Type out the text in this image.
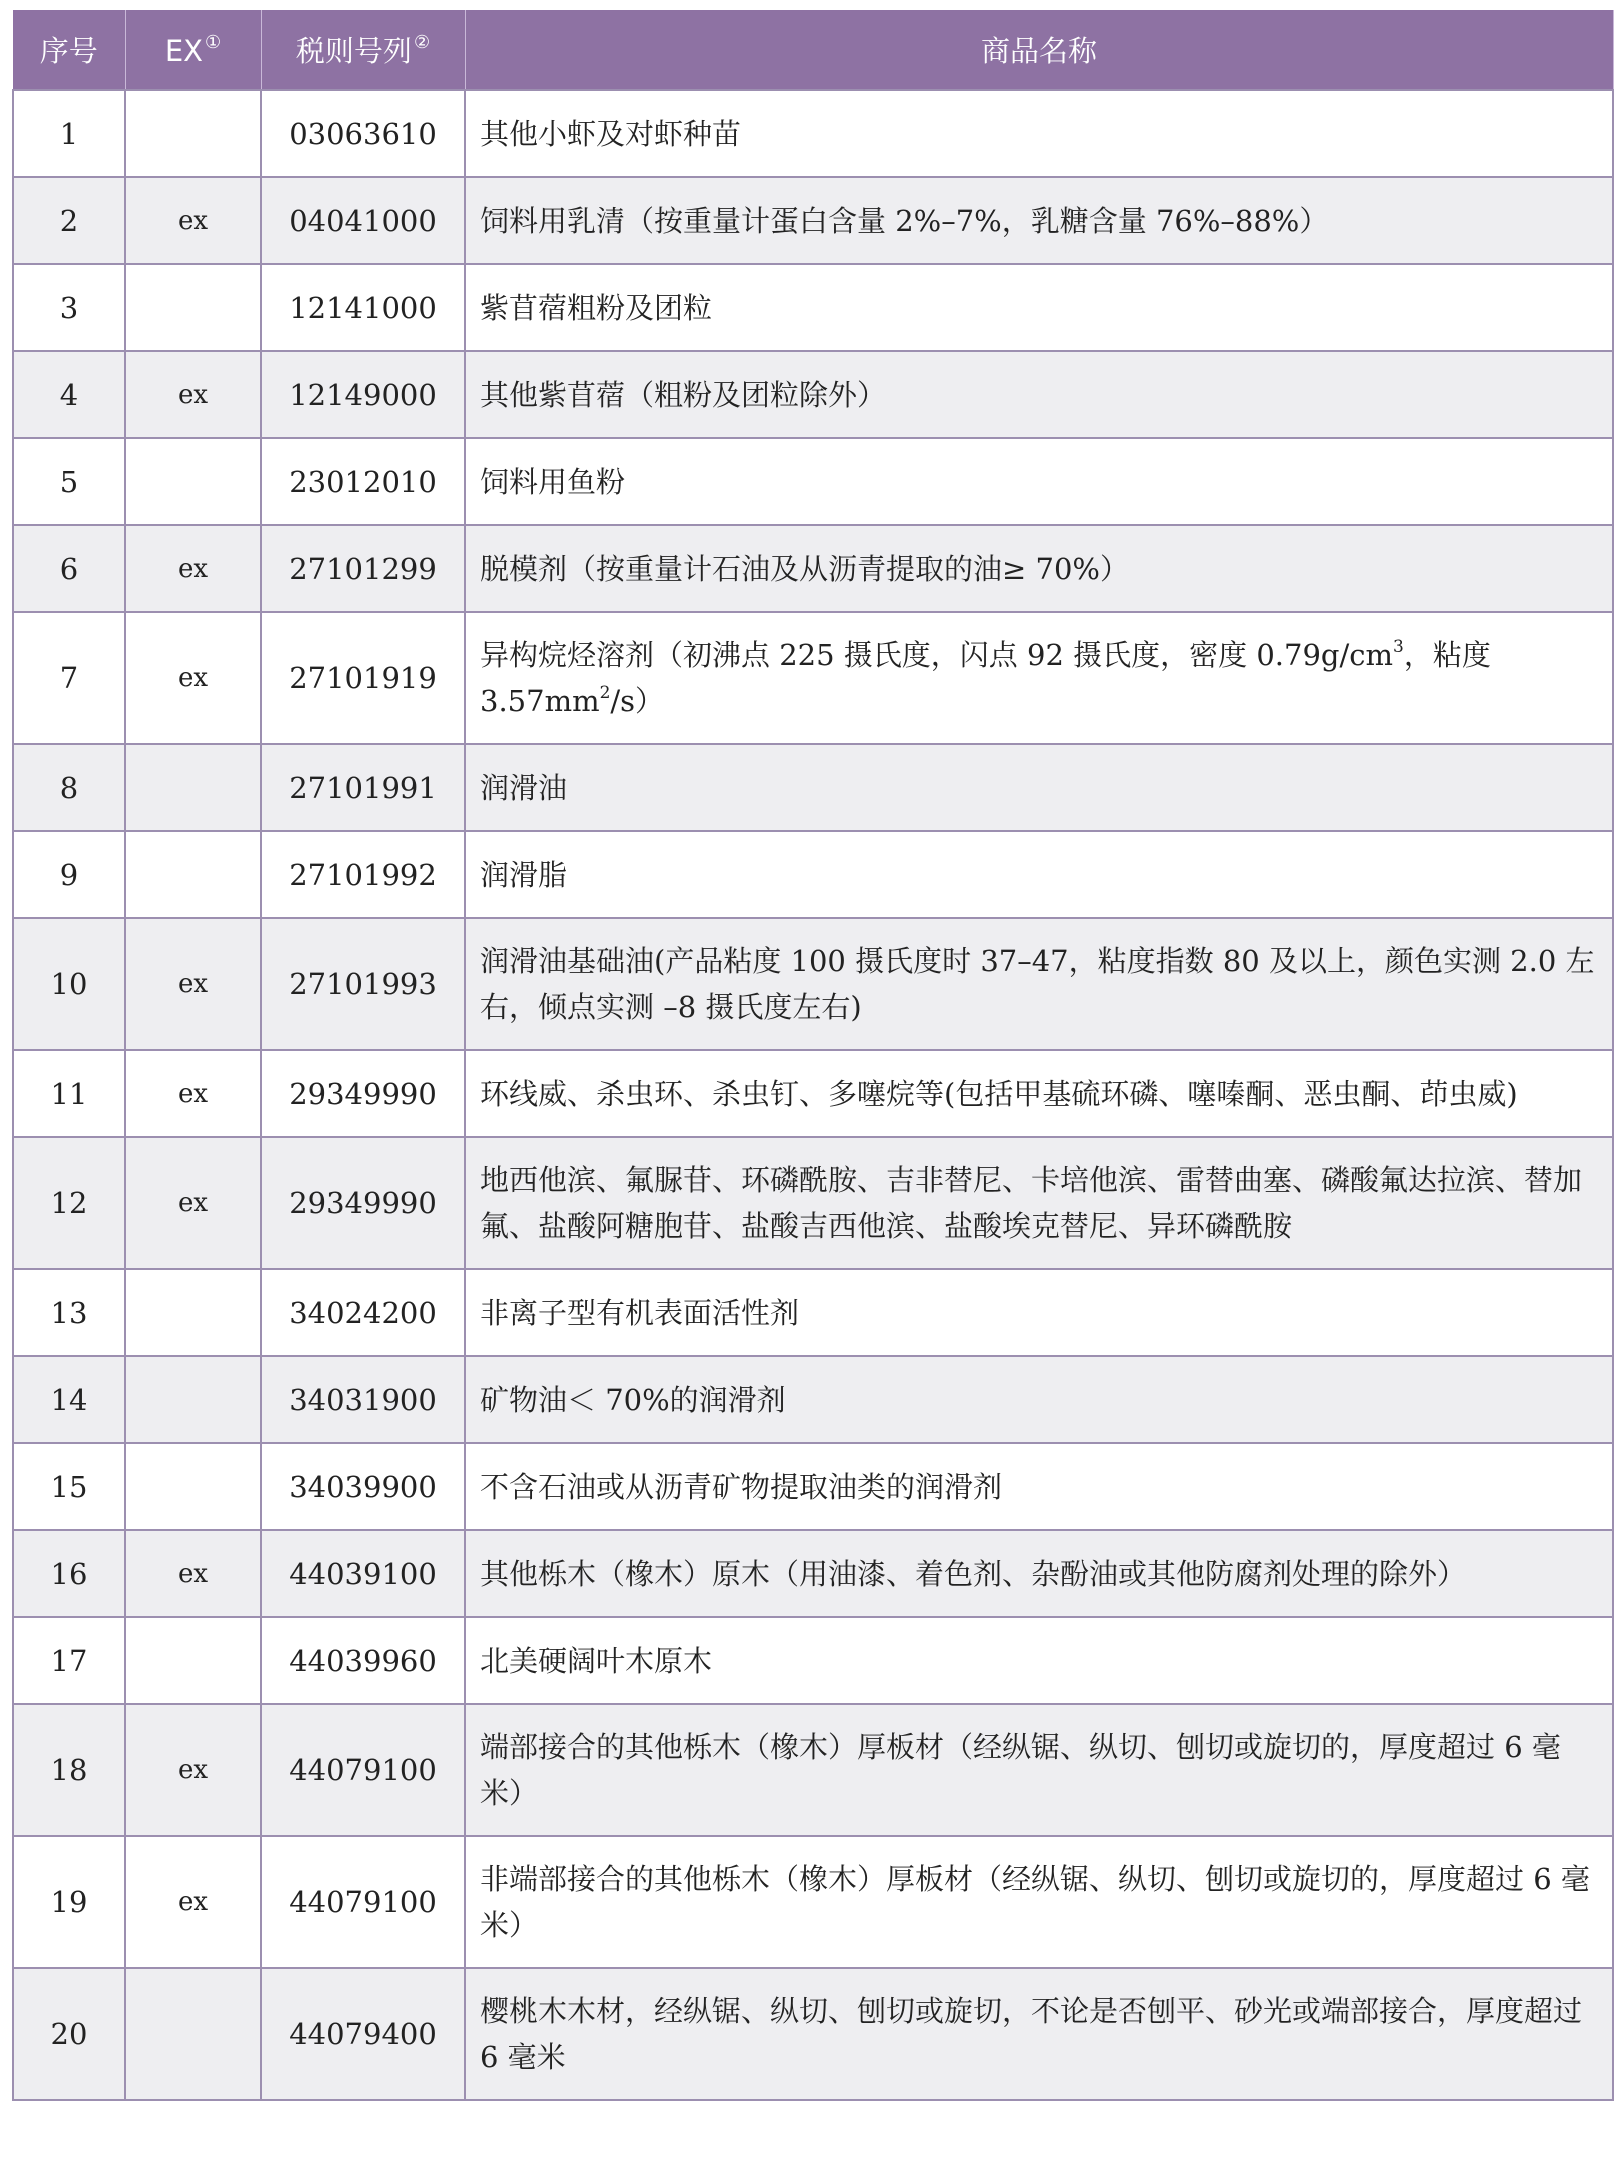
序号	EX ①	税则号列 ②	商品名称
1		03063610	其他小虾及对虾种苗
2	ex	04041000	饲料用乳清（按重量计蛋白含量 2%–7%，乳糖含量 76%–88%）
3		12141000	紫苜蓿粗粉及团粒
4	ex	12149000	其他紫苜蓿（粗粉及团粒除外）
5		23012010	饲料用鱼粉
6	ex	27101299	脱模剂（按重量计石油及从沥青提取的油≥ 70%）
7	ex	27101919	异构烷烃溶剂（初沸点 225 摄氏度，闪点 92 摄氏度，密度 $0.79g/cm^3$，粘度 $3.57mm^2/s$）
8		27101991	润滑油
9		27101992	润滑脂
10	ex	27101993	润滑油基础油(产品粘度 100 摄氏度时 37–47，粘度指数 80 及以上，颜色实测 2.0 左右，倾点实测 –8 摄氏度左右)
11	ex	29349990	环线威、杀虫环、杀虫钉、多噻烷等(包括甲基硫环磷、噻嗪酮、恶虫酮、茚虫威)
12	ex	29349990	地西他滨、氟脲苷、环磷酰胺、吉非替尼、卡培他滨、雷替曲塞、磷酸氟达拉滨、替加氟、盐酸阿糖胞苷、盐酸吉西他滨、盐酸埃克替尼、异环磷酰胺
13		34024200	非离子型有机表面活性剂
14		34031900	矿物油＜ 70%的润滑剂
15		34039900	不含石油或从沥青矿物提取油类的润滑剂
16	ex	44039100	其他栎木（橡木）原木（用油漆、着色剂、杂酚油或其他防腐剂处理的除外）
17		44039960	北美硬阔叶木原木
18	ex	44079100	端部接合的其他栎木（橡木）厚板材（经纵锯、纵切、刨切或旋切的，厚度超过 6 毫米）
19	ex	44079100	非端部接合的其他栎木（橡木）厚板材（经纵锯、纵切、刨切或旋切的，厚度超过 6 毫米）
20		44079400	樱桃木木材，经纵锯、纵切、刨切或旋切，不论是否刨平、砂光或端部接合，厚度超过 6 毫米
